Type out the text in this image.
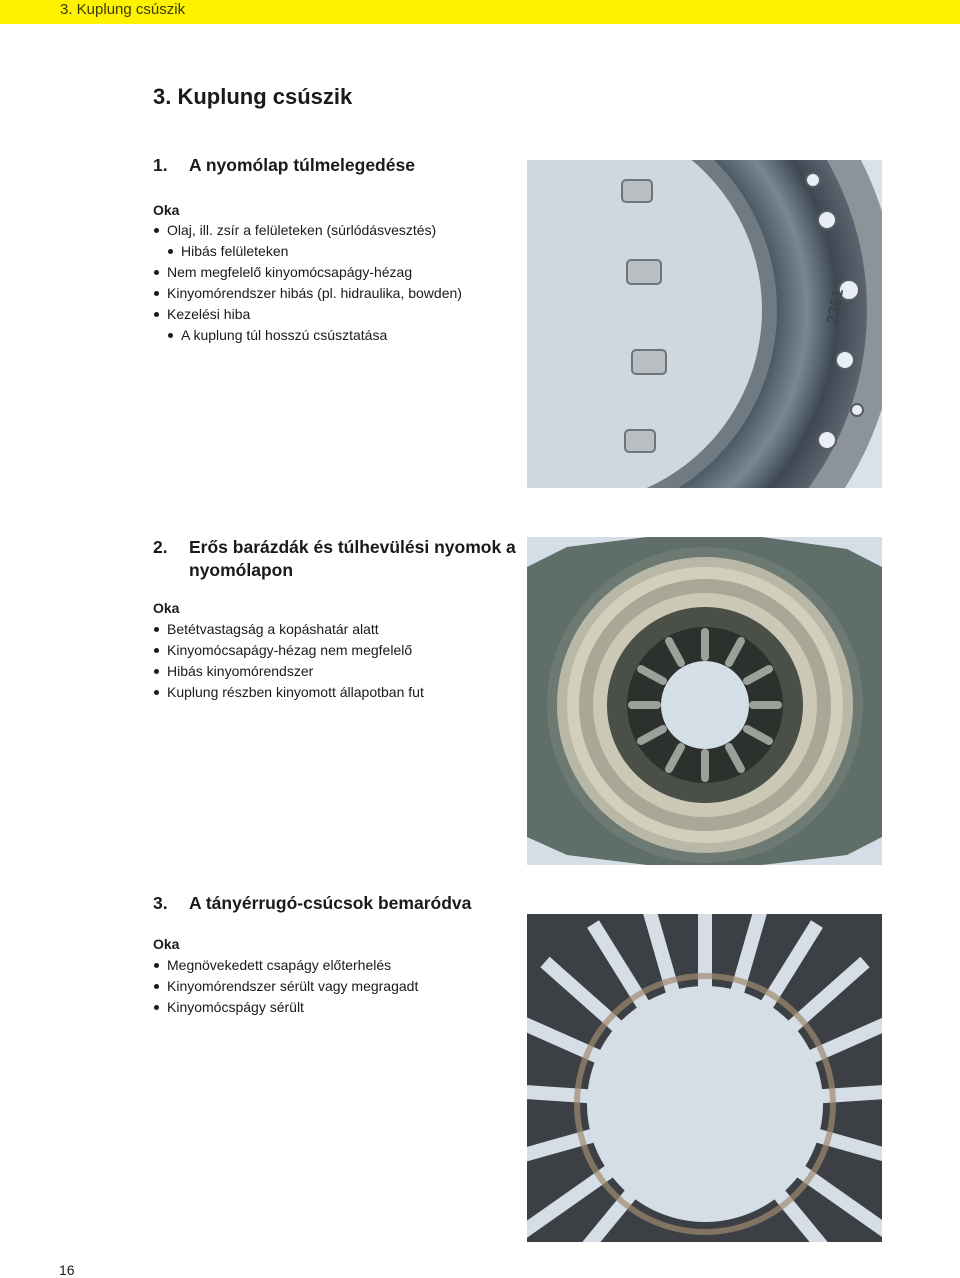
3. Kuplung csúszik
3. Kuplung csúszik
1. A nyomólap túlmelegedése
Oka
Olaj, ill. zsír a felületeken (súrlódásvesztés)
Hibás felületeken
Nem megfelelő kinyomócsapágy-hézag
Kinyomórendszer hibás (pl. hidraulika, bowden)
Kezelési hiba
A kuplung túl hosszú csúsztatása
2361
2. Erős barázdák és túlhevülési nyomok a nyomólapon
Oka
Betétvastagság a kopáshatár alatt
Kinyomócsapágy-hézag nem megfelelő
Hibás kinyomórendszer
Kuplung részben kinyomott állapotban fut
3. A tányérrugó-csúcsok bemaródva
Oka
Megnövekedett csapágy előterhelés
Kinyomórendszer sérült vagy megragadt
Kinyomócspágy sérült
16
